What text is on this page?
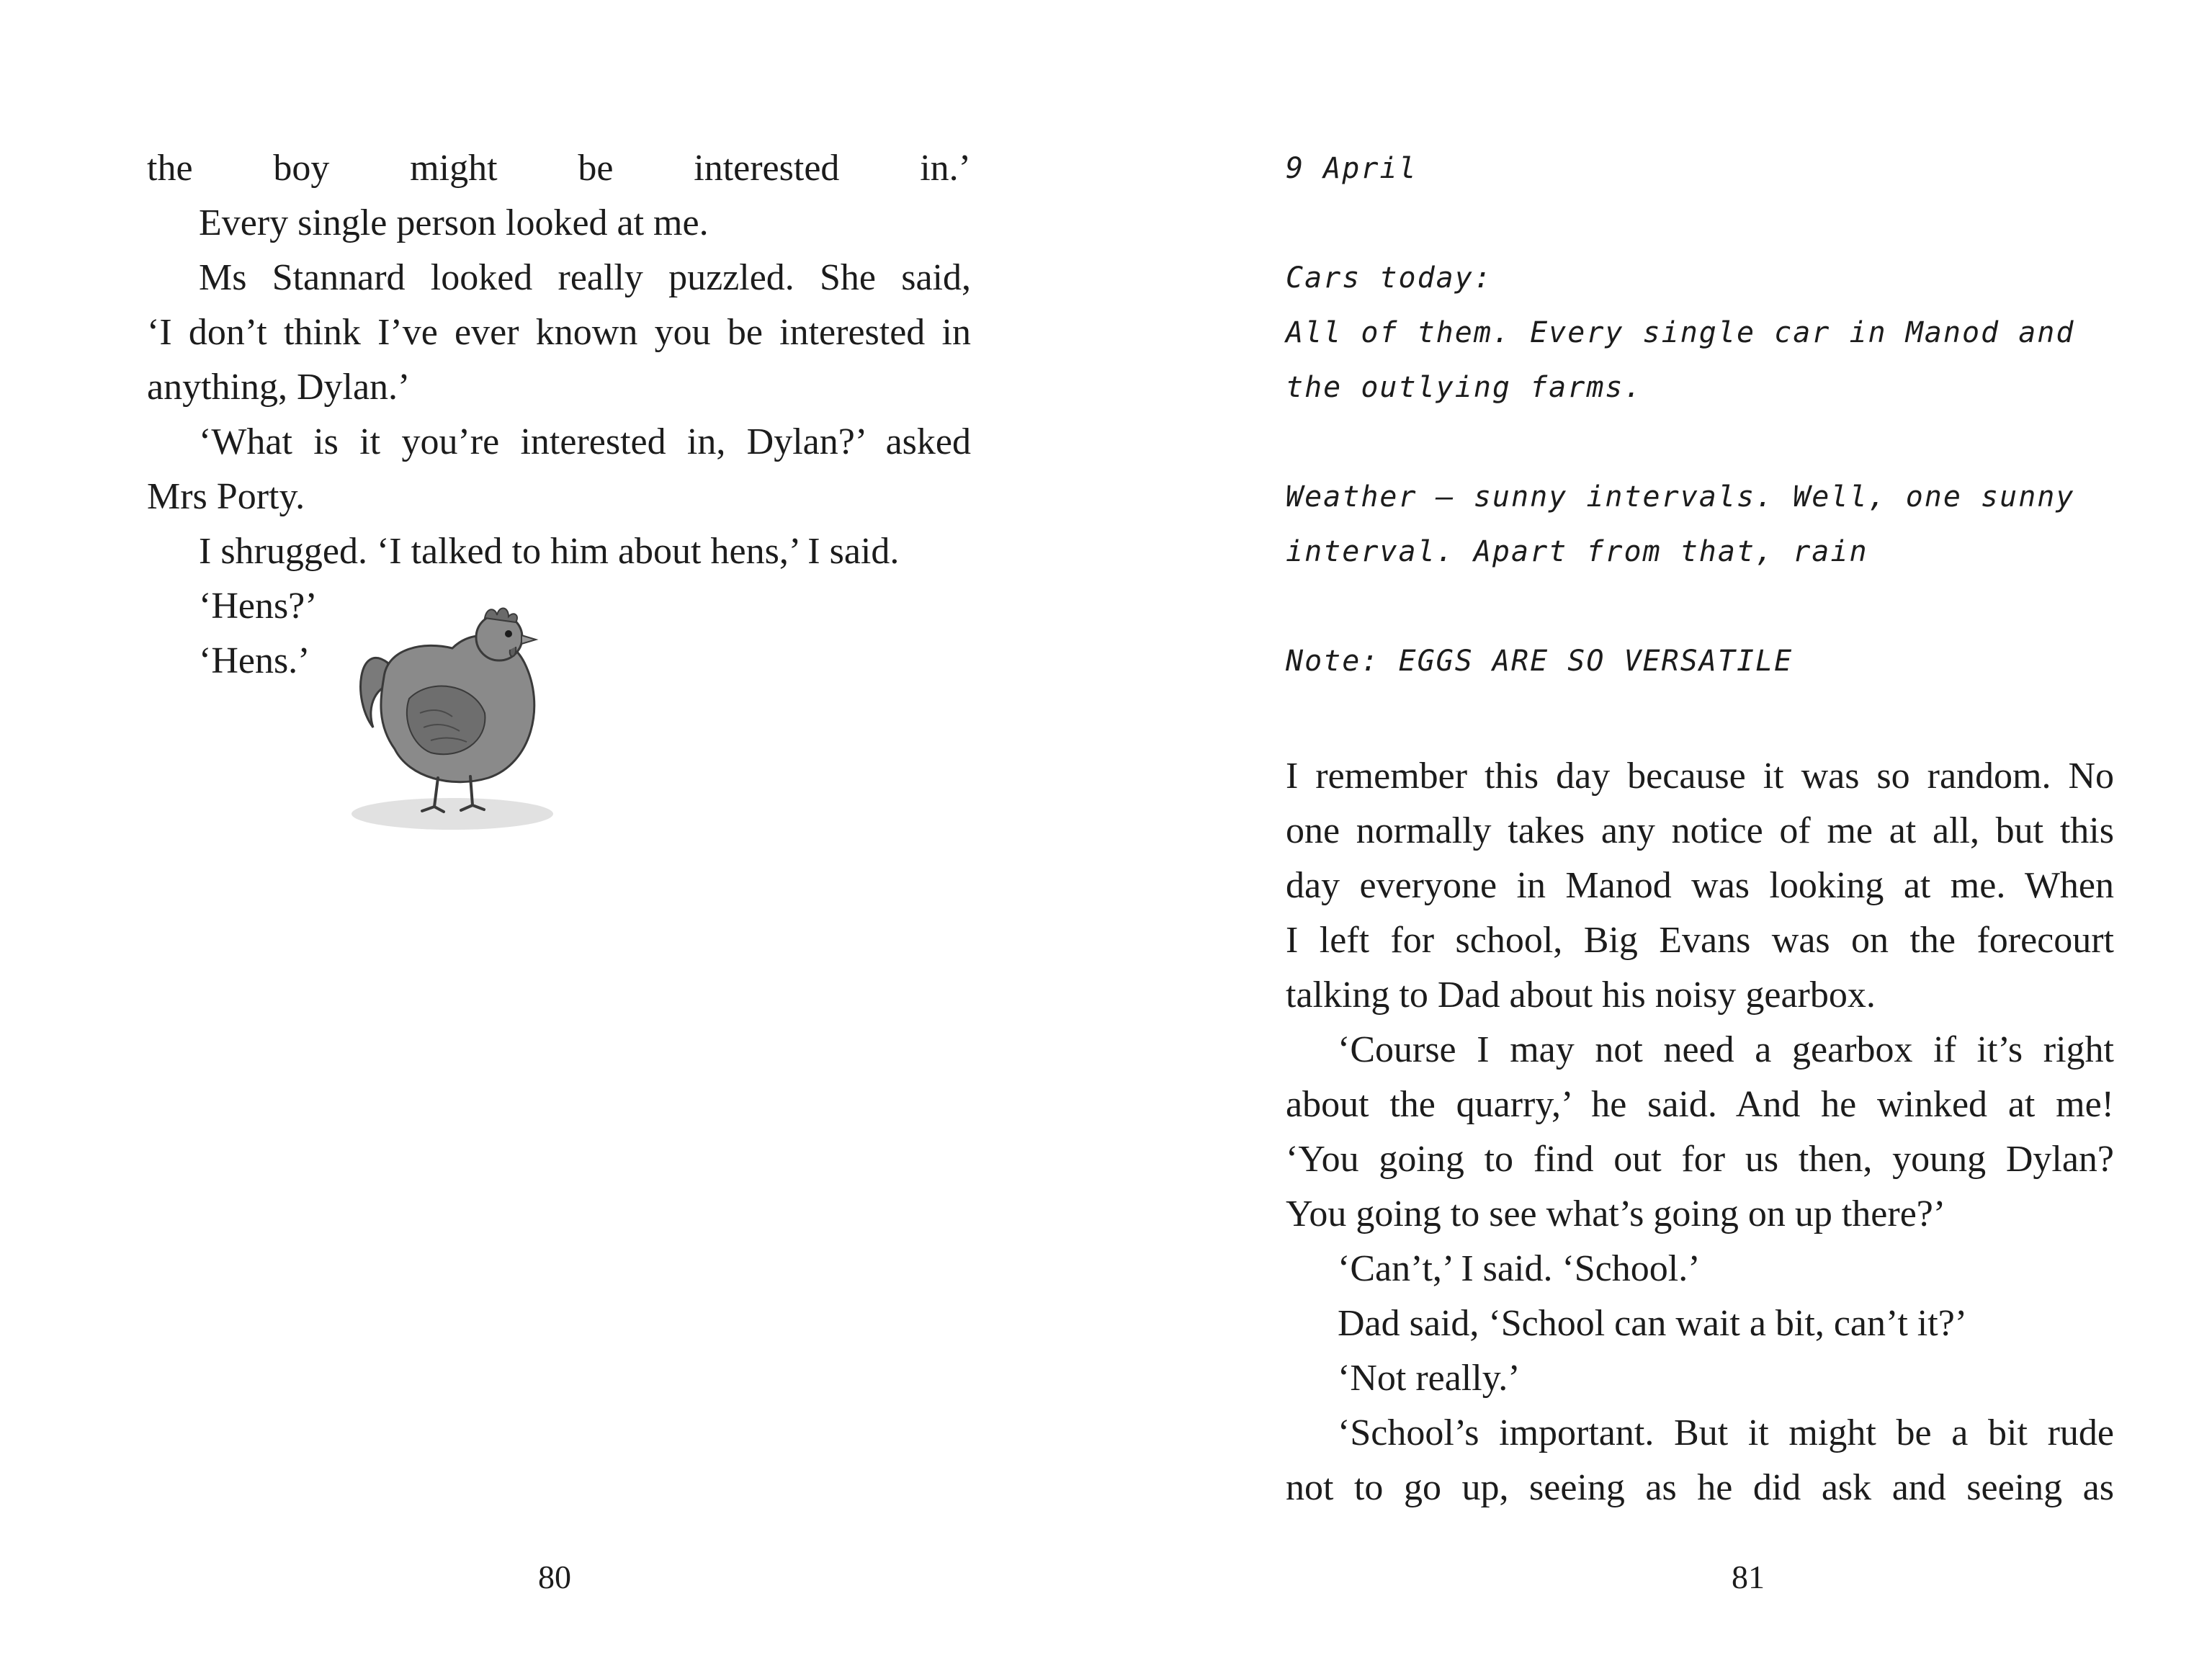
the boy might be interested in.’
Every single person looked at me.
Ms Stannard looked really puzzled. She said,
‘I don’t think I’ve ever known you be interested in
anything, Dylan.’
‘What is it you’re interested in, Dylan?’ asked
Mrs Porty.
I shrugged. ‘I talked to him about hens,’ I said.
‘Hens?’
‘Hens.’
80
9 April
Cars today:
All of them. Every single car in Manod and
the outlying farms.
Weather – sunny intervals. Well, one sunny
interval. Apart from that, rain
Note: EGGS ARE SO VERSATILE
I remember this day because it was so random. No
one normally takes any notice of me at all, but this
day everyone in Manod was looking at me. When
I left for school, Big Evans was on the forecourt
talking to Dad about his noisy gearbox.
‘Course I may not need a gearbox if it’s right
about the quarry,’ he said. And he winked at me!
‘You going to find out for us then, young Dylan?
You going to see what’s going on up there?’
‘Can’t,’ I said. ‘School.’
Dad said, ‘School can wait a bit, can’t it?’
‘Not really.’
‘School’s important. But it might be a bit rude
not to go up, seeing as he did ask and seeing as
81
